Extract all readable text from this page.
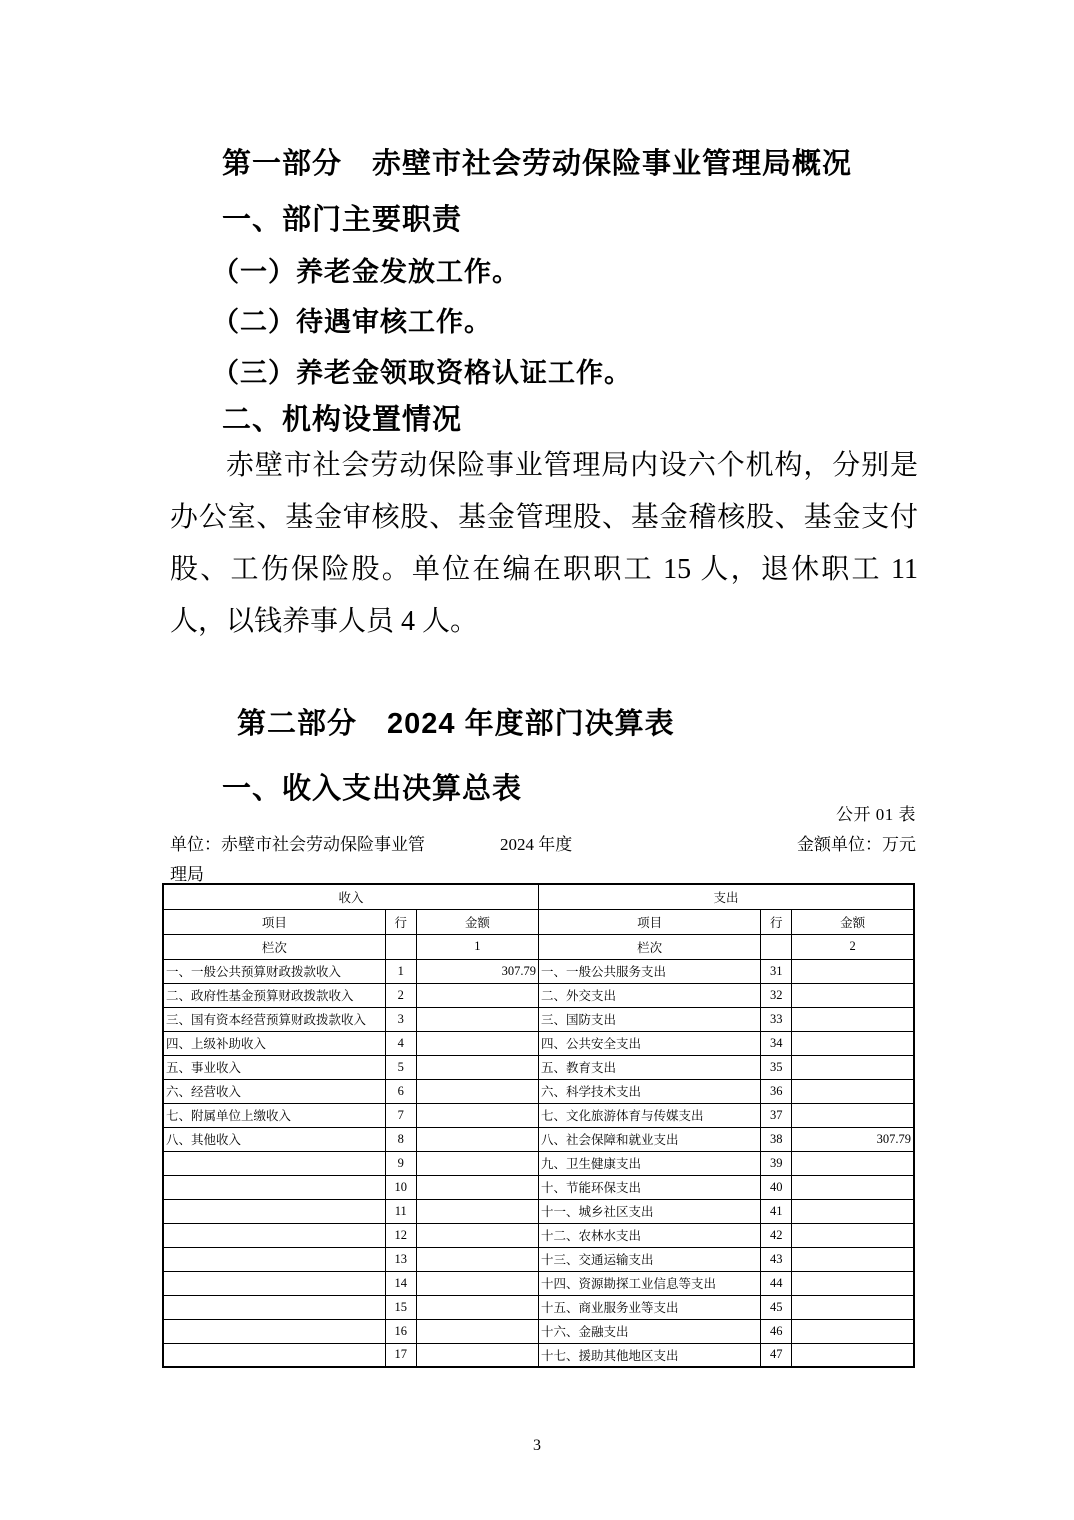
第一部分　赤壁市社会劳动保险事业管理局概况
一、部门主要职责
（一）养老金发放工作。
（二）待遇审核工作。
（三）养老金领取资格认证工作。
二、机构设置情况
赤壁市社会劳动保险事业管理局内设六个机构，分别是办公室、基金审核股、基金管理股、基金稽核股、基金支付股、工伤保险股。单位在编在职职工 15 人，退休职工 11 人，以钱养事人员 4 人。
第二部分　2024 年度部门决算表
一、收入支出决算总表
公开 01 表
单位：赤壁市社会劳动保险事业管理局
2024 年度	金额单位：万元
收入			支出		
项目	行	金额	项目	行	金额
栏次		1	栏次		2
一、一般公共预算财政拨款收入	1	307.79	一、一般公共服务支出	31	
二、政府性基金预算财政拨款收入	2		二、外交支出	32	
三、国有资本经营预算财政拨款收入	3		三、国防支出	33	
四、上级补助收入	4		四、公共安全支出	34	
五、事业收入	5		五、教育支出	35	
六、经营收入	6		六、科学技术支出	36	
七、附属单位上缴收入	7		七、文化旅游体育与传媒支出	37	
八、其他收入	8		八、社会保障和就业支出	38	307.79
	9		九、卫生健康支出	39	
	10		十、节能环保支出	40	
	11		十一、城乡社区支出	41	
	12		十二、农林水支出	42	
	13		十三、交通运输支出	43	
	14		十四、资源勘探工业信息等支出	44	
	15		十五、商业服务业等支出	45	
	16		十六、金融支出	46	
	17		十七、援助其他地区支出	47	
3
